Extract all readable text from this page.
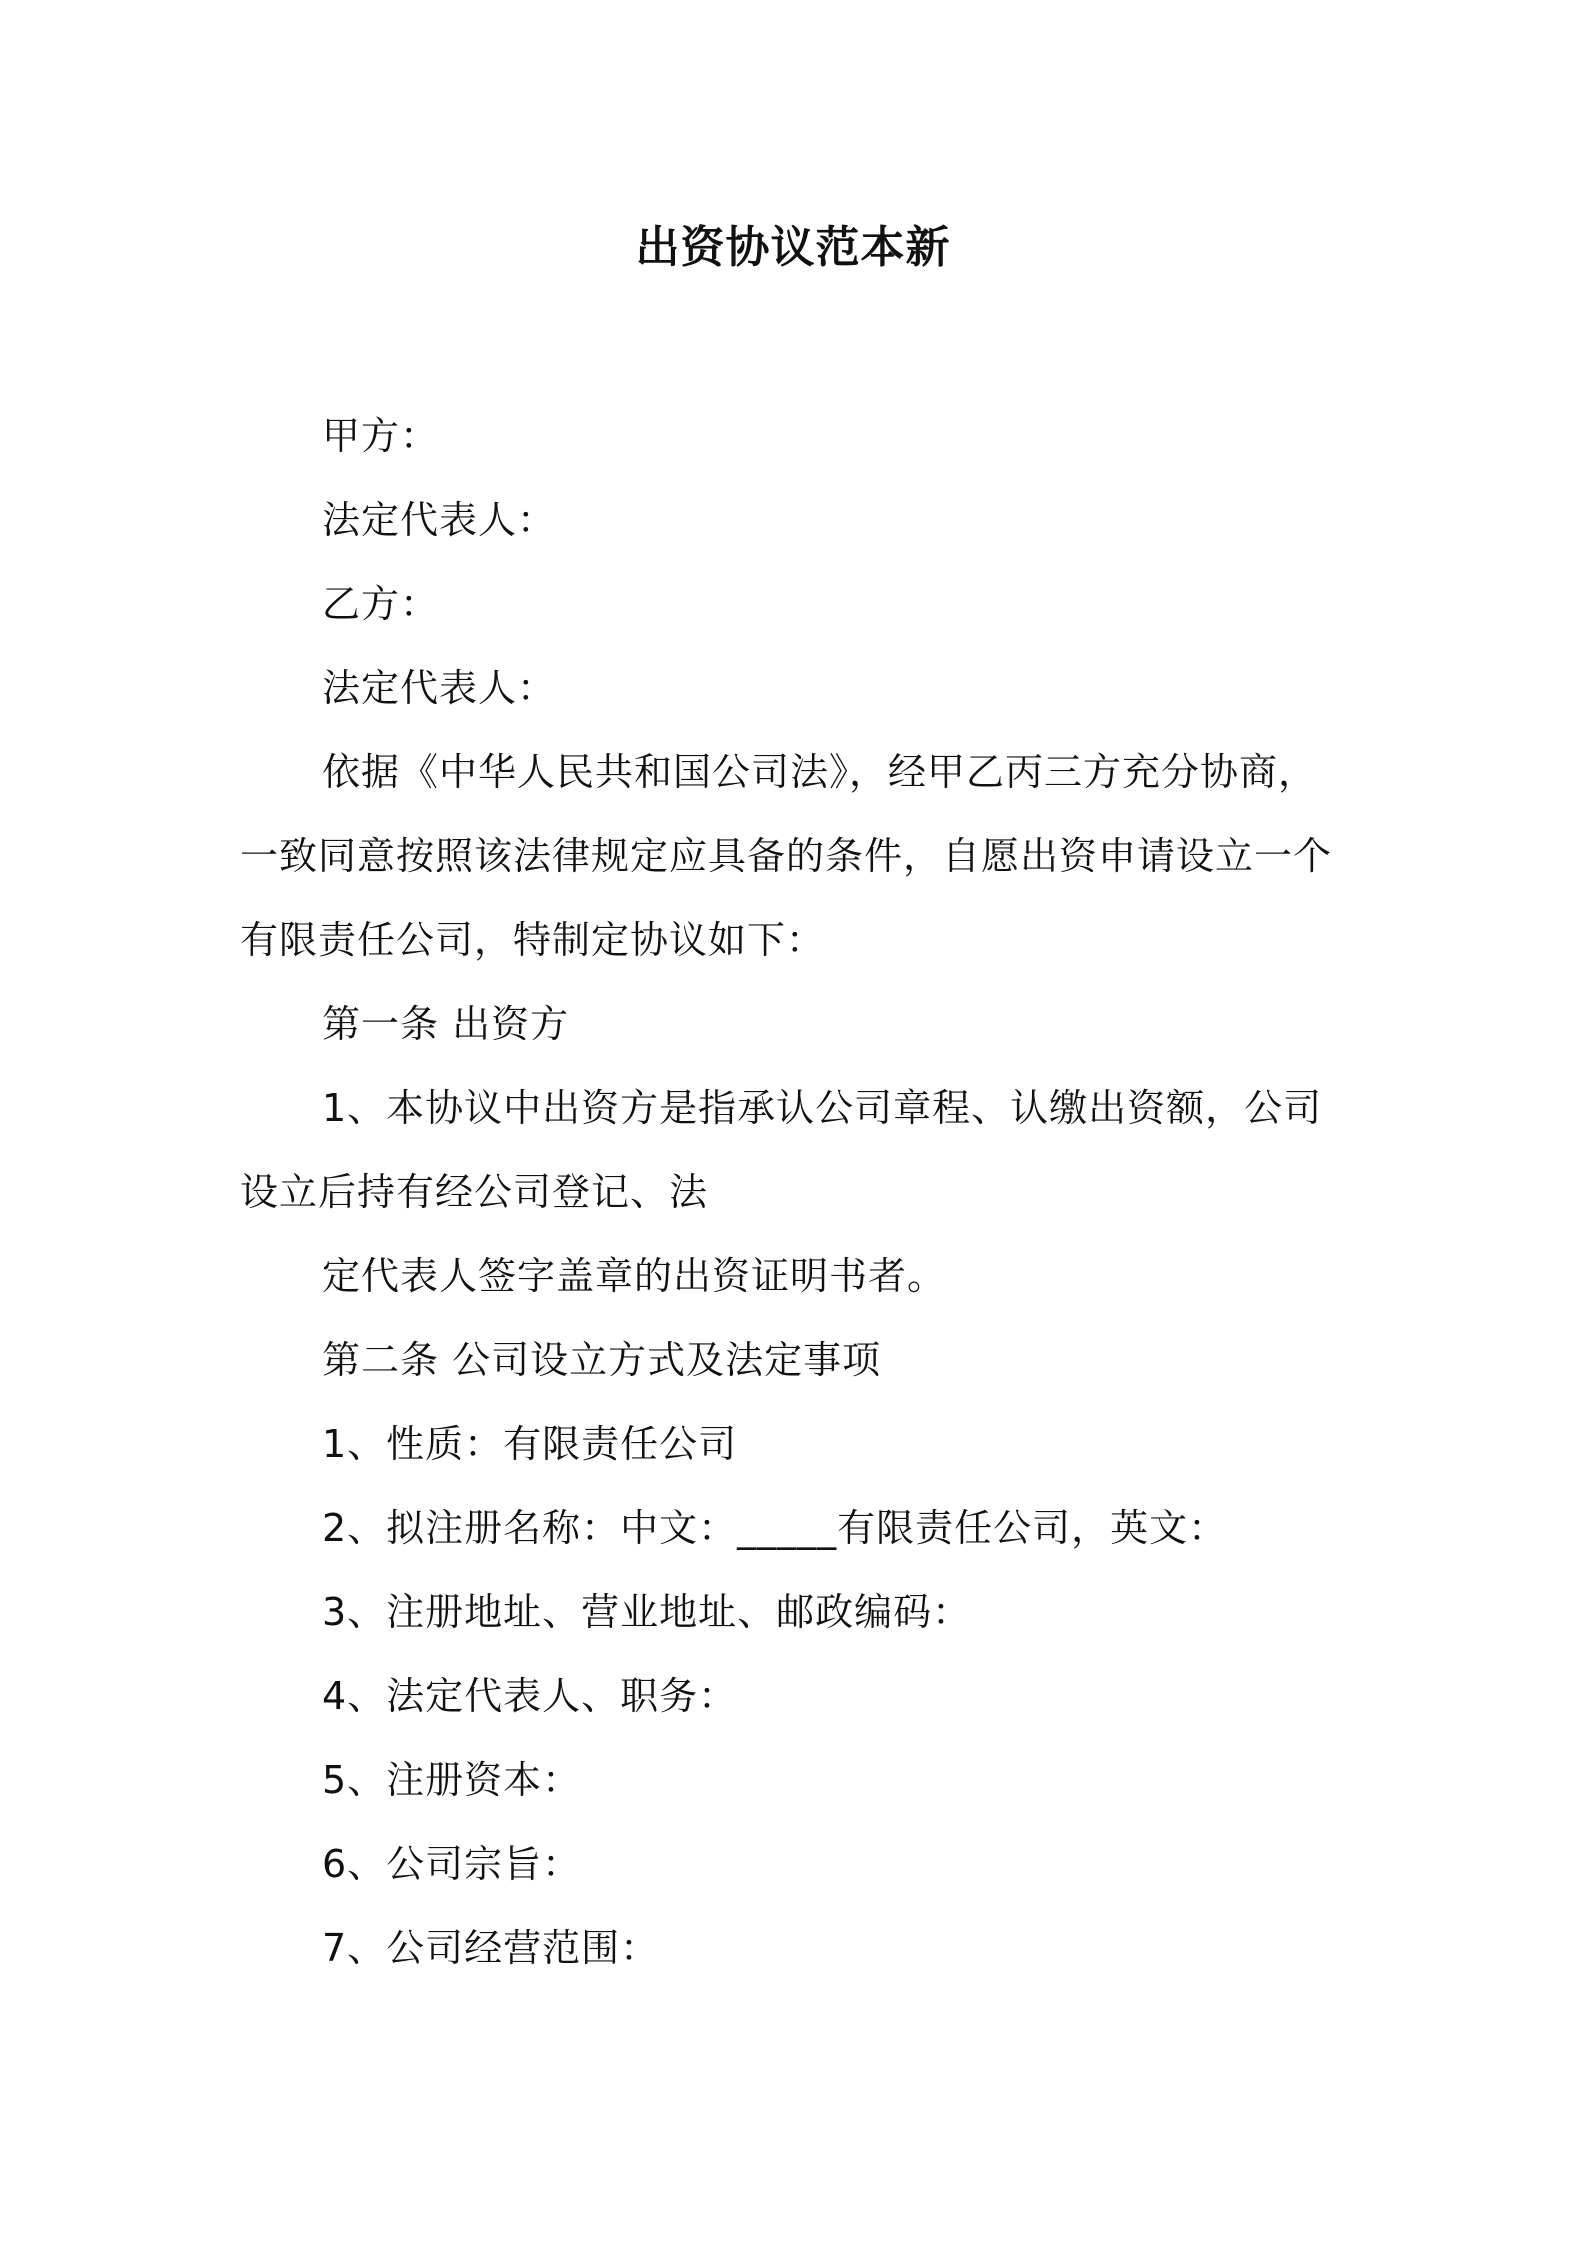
出资协议范本新
甲方：
法定代表人：
乙方：
法定代表人：
依据《中华人民共和国公司法》，经甲乙丙三方充分协商，
一致同意按照该法律规定应具备的条件，自愿出资申请设立一个
有限责任公司，特制定协议如下：
第一条 出资方
1、本协议中出资方是指承认公司章程、认缴出资额，公司
设立后持有经公司登记、法
定代表人签字盖章的出资证明书者。
第二条 公司设立方式及法定事项
1、性质：有限责任公司
2、拟注册名称：中文：_____有限责任公司，英文：
3、注册地址、营业地址、邮政编码：
4、法定代表人、职务：
5、注册资本：
6、公司宗旨：
7、公司经营范围：
